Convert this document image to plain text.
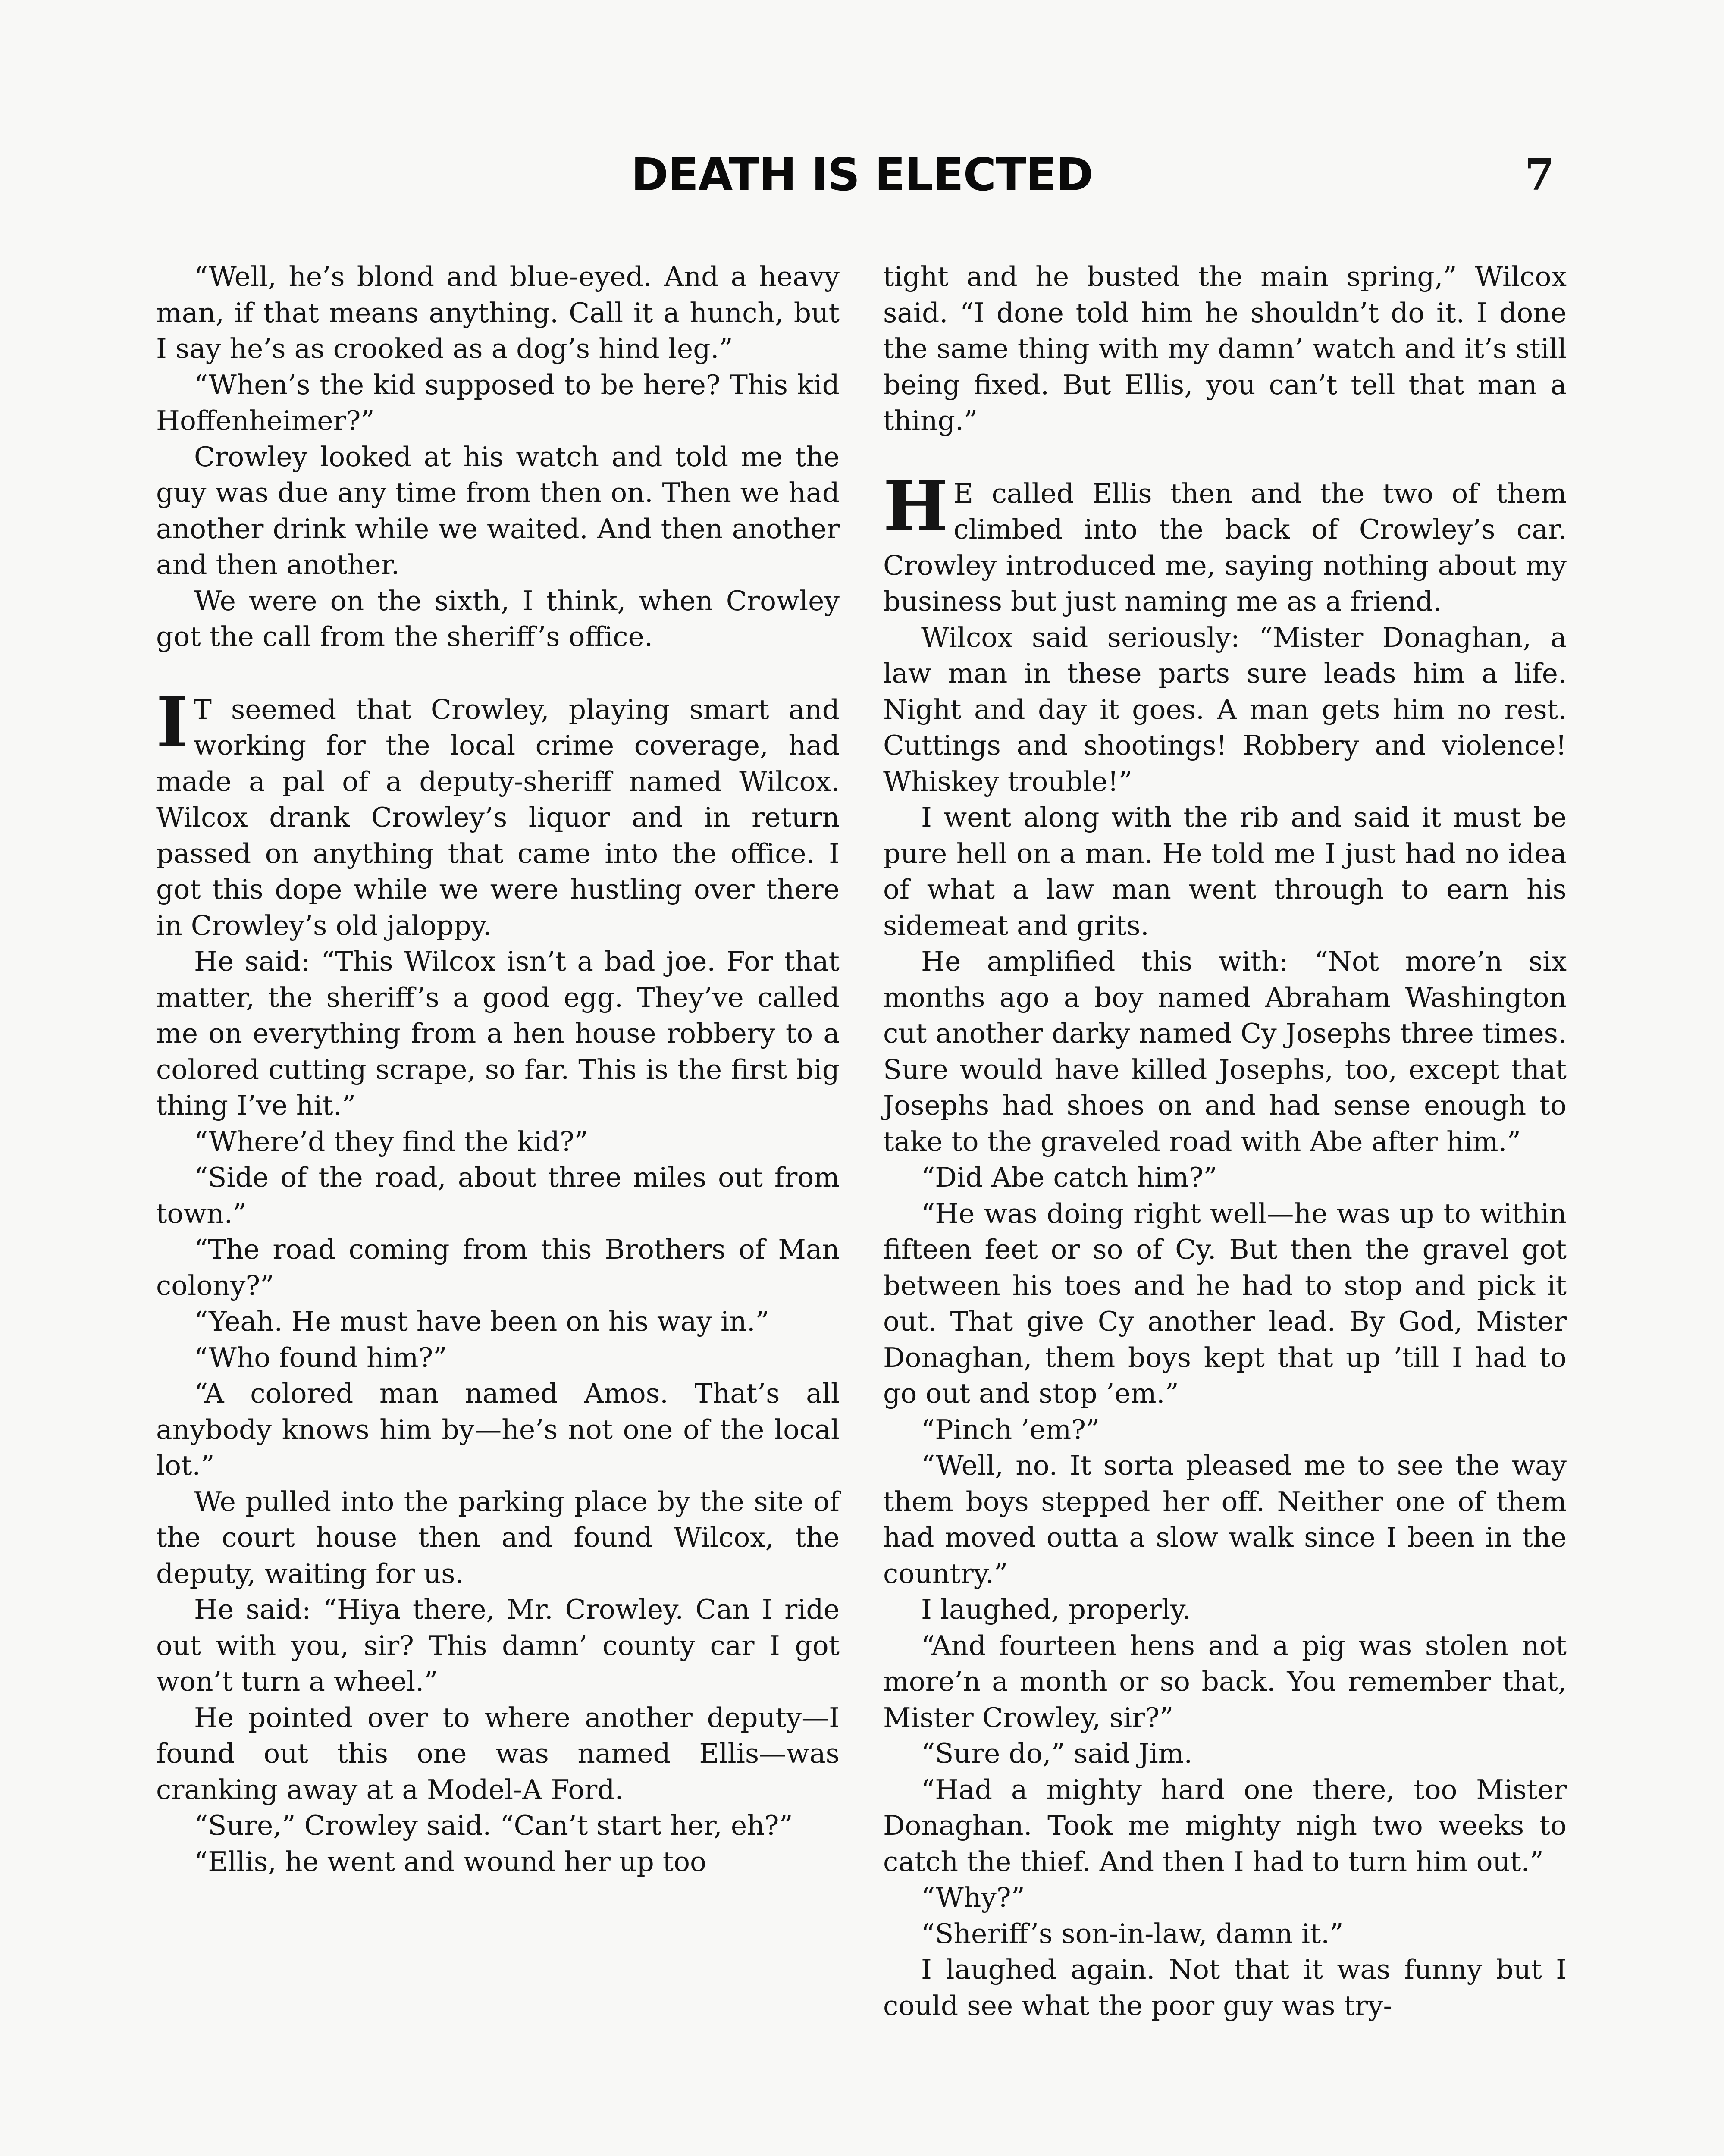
DEATH IS ELECTED	7

“Well, he’s blond and blue-eyed. And a heavy man, if that means anything. Call it a hunch, but I say he’s as crooked as a dog’s hind leg.”

“When’s the kid supposed to be here? This kid Hoffenheimer?”

Crowley looked at his watch and told me the guy was due any time from then on. Then we had another drink while we waited. And then another and then another.

We were on the sixth, I think, when Crowley got the call from the sheriff’s office.

I T seemed that Crowley, playing smart and working for the local crime coverage, had made a pal of a deputy-sheriff named Wilcox. Wilcox drank Crowley’s liquor and in return passed on anything that came into the office. I got this dope while we were hustling over there in Crowley’s old jaloppy.

He said: “This Wilcox isn’t a bad joe. For that matter, the sheriff’s a good egg. They’ve called me on everything from a hen house robbery to a colored cutting scrape, so far. This is the first big thing I’ve hit.”

“Where’d they find the kid?”

“Side of the road, about three miles out from town.”

“The road coming from this Brothers of Man colony?”

“Yeah. He must have been on his way in.”

“Who found him?”

“A colored man named Amos. That’s all anybody knows him by—he’s not one of the local lot.”

We pulled into the parking place by the site of the court house then and found Wilcox, the deputy, waiting for us.

He said: “Hiya there, Mr. Crowley. Can I ride out with you, sir? This damn’ county car I got won’t turn a wheel.”

He pointed over to where another deputy—I found out this one was named Ellis—was cranking away at a Model-A Ford.

“Sure,” Crowley said. “Can’t start her, eh?”

“Ellis, he went and wound her up too

tight and he busted the main spring,” Wilcox said. “I done told him he shouldn’t do it. I done the same thing with my damn’ watch and it’s still being fixed. But Ellis, you can’t tell that man a thing.”

H E called Ellis then and the two of them climbed into the back of Crowley’s car. Crowley introduced me, saying nothing about my business but just naming me as a friend.

Wilcox said seriously: “Mister Donaghan, a law man in these parts sure leads him a life. Night and day it goes. A man gets him no rest. Cuttings and shootings! Robbery and violence! Whiskey trouble!”

I went along with the rib and said it must be pure hell on a man. He told me I just had no idea of what a law man went through to earn his sidemeat and grits.

He amplified this with: “Not more’n six months ago a boy named Abraham Washington cut another darky named Cy Josephs three times. Sure would have killed Josephs, too, except that Josephs had shoes on and had sense enough to take to the graveled road with Abe after him.”

“Did Abe catch him?”

“He was doing right well—he was up to within fifteen feet or so of Cy. But then the gravel got between his toes and he had to stop and pick it out. That give Cy another lead. By God, Mister Donaghan, them boys kept that up ’till I had to go out and stop ’em.”

“Pinch ’em?”

“Well, no. It sorta pleased me to see the way them boys stepped her off. Neither one of them had moved outta a slow walk since I been in the country.”

I laughed, properly.

“And fourteen hens and a pig was stolen not more’n a month or so back. You remember that, Mister Crowley, sir?”

“Sure do,” said Jim.

“Had a mighty hard one there, too Mister Donaghan. Took me mighty nigh two weeks to catch the thief. And then I had to turn him out.”

“Why?”

“Sheriff’s son-in-law, damn it.”

I laughed again. Not that it was funny but I could see what the poor guy was try-
